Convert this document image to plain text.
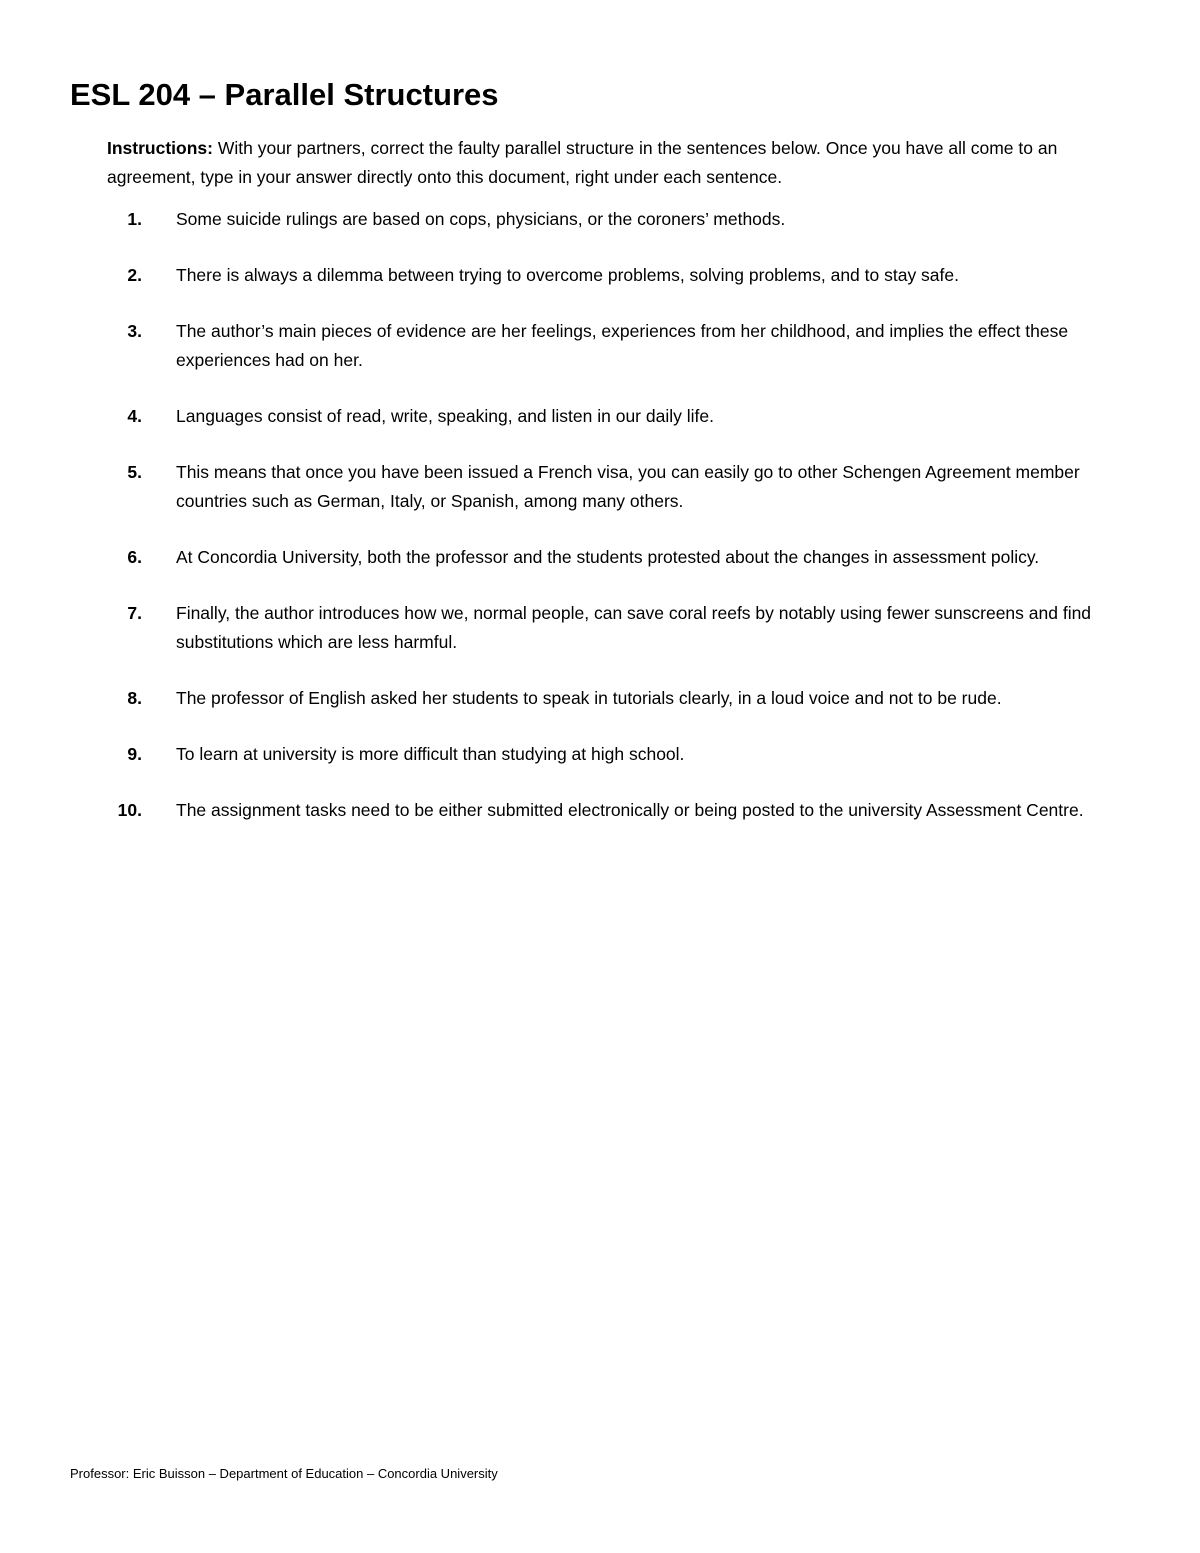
ESL 204 – Parallel Structures

Instructions: With your partners, correct the faulty parallel structure in the sentences below. Once you have all come to an agreement, type in your answer directly onto this document, right under each sentence.

1. Some suicide rulings are based on cops, physicians, or the coroners’ methods.
2. There is always a dilemma between trying to overcome problems, solving problems, and to stay safe.
3. The author’s main pieces of evidence are her feelings, experiences from her childhood, and implies the effect these experiences had on her.
4. Languages consist of read, write, speaking, and listen in our daily life.
5. This means that once you have been issued a French visa, you can easily go to other Schengen Agreement member countries such as German, Italy, or Spanish, among many others.
6. At Concordia University, both the professor and the students protested about the changes in assessment policy.
7. Finally, the author introduces how we, normal people, can save coral reefs by notably using fewer sunscreens and find substitutions which are less harmful.
8. The professor of English asked her students to speak in tutorials clearly, in a loud voice and not to be rude.
9. To learn at university is more difficult than studying at high school.
10. The assignment tasks need to be either submitted electronically or being posted to the university Assessment Centre.
Professor: Eric Buisson – Department of Education – Concordia University
